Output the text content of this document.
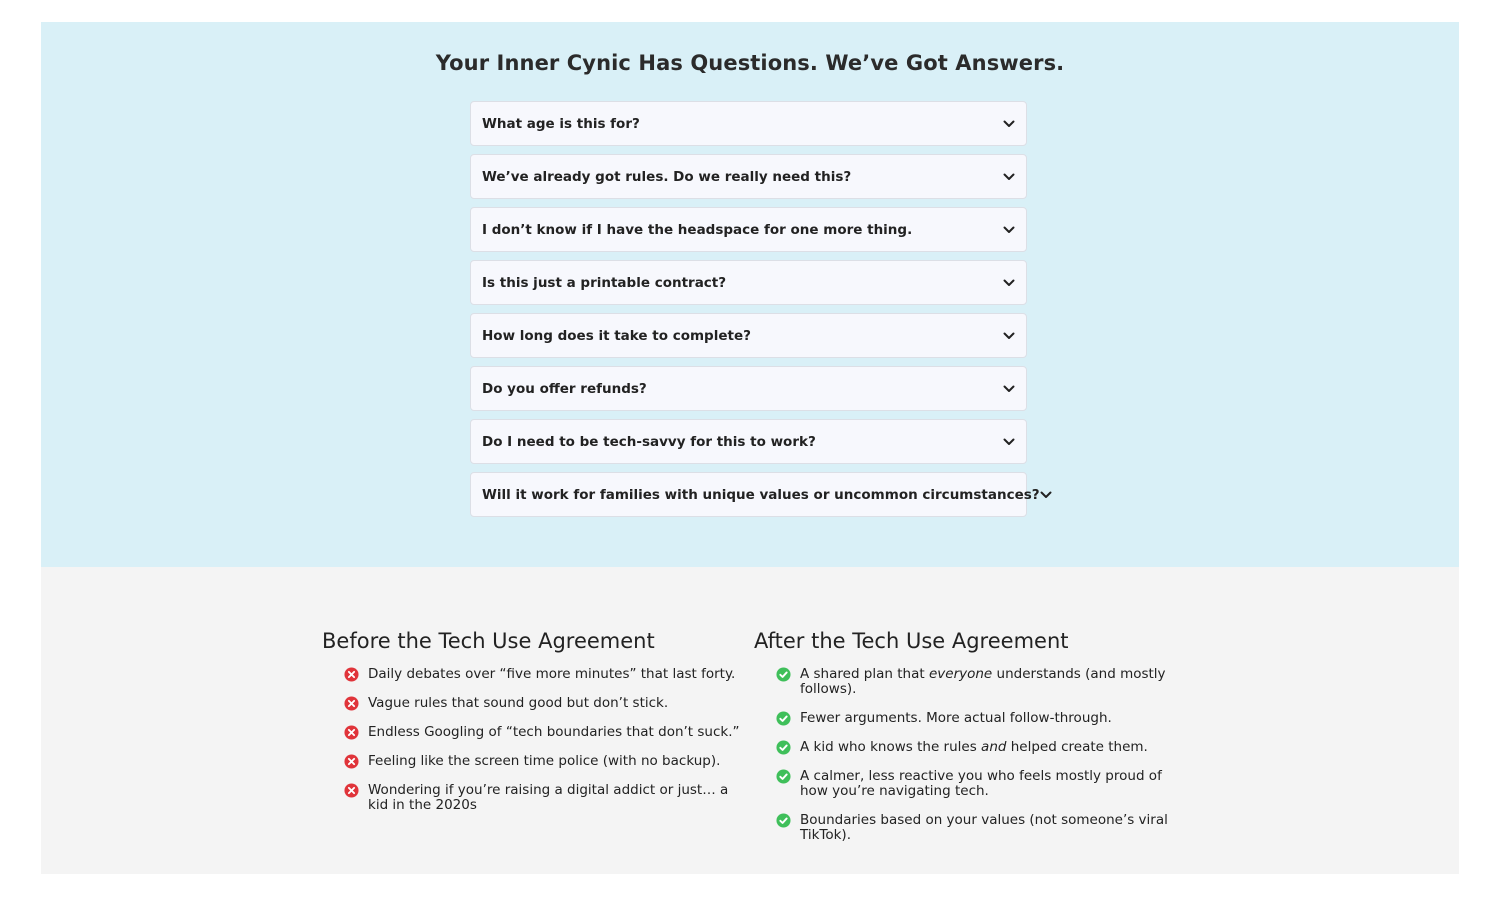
Your Inner Cynic Has Questions. We’ve Got Answers.
What age is this for?
We’ve already got rules. Do we really need this?
I don’t know if I have the headspace for one more thing.
Is this just a printable contract?
How long does it take to complete?
Do you offer refunds?
Do I need to be tech-savvy for this to work?
Will it work for families with unique values or uncommon circumstances?
Before the Tech Use Agreement
Daily debates over “five more minutes” that last forty.
Vague rules that sound good but don’t stick.
Endless Googling of “tech boundaries that don’t suck.”
Feeling like the screen time police (with no backup).
Wondering if you’re raising a digital addict or just… a kid in the 2020s
After the Tech Use Agreement
A shared plan that everyone understands (and mostly follows).
Fewer arguments. More actual follow-through.
A kid who knows the rules and helped create them.
A calmer, less reactive you who feels mostly proud of how you’re navigating tech.
Boundaries based on your values (not someone’s viral TikTok).
